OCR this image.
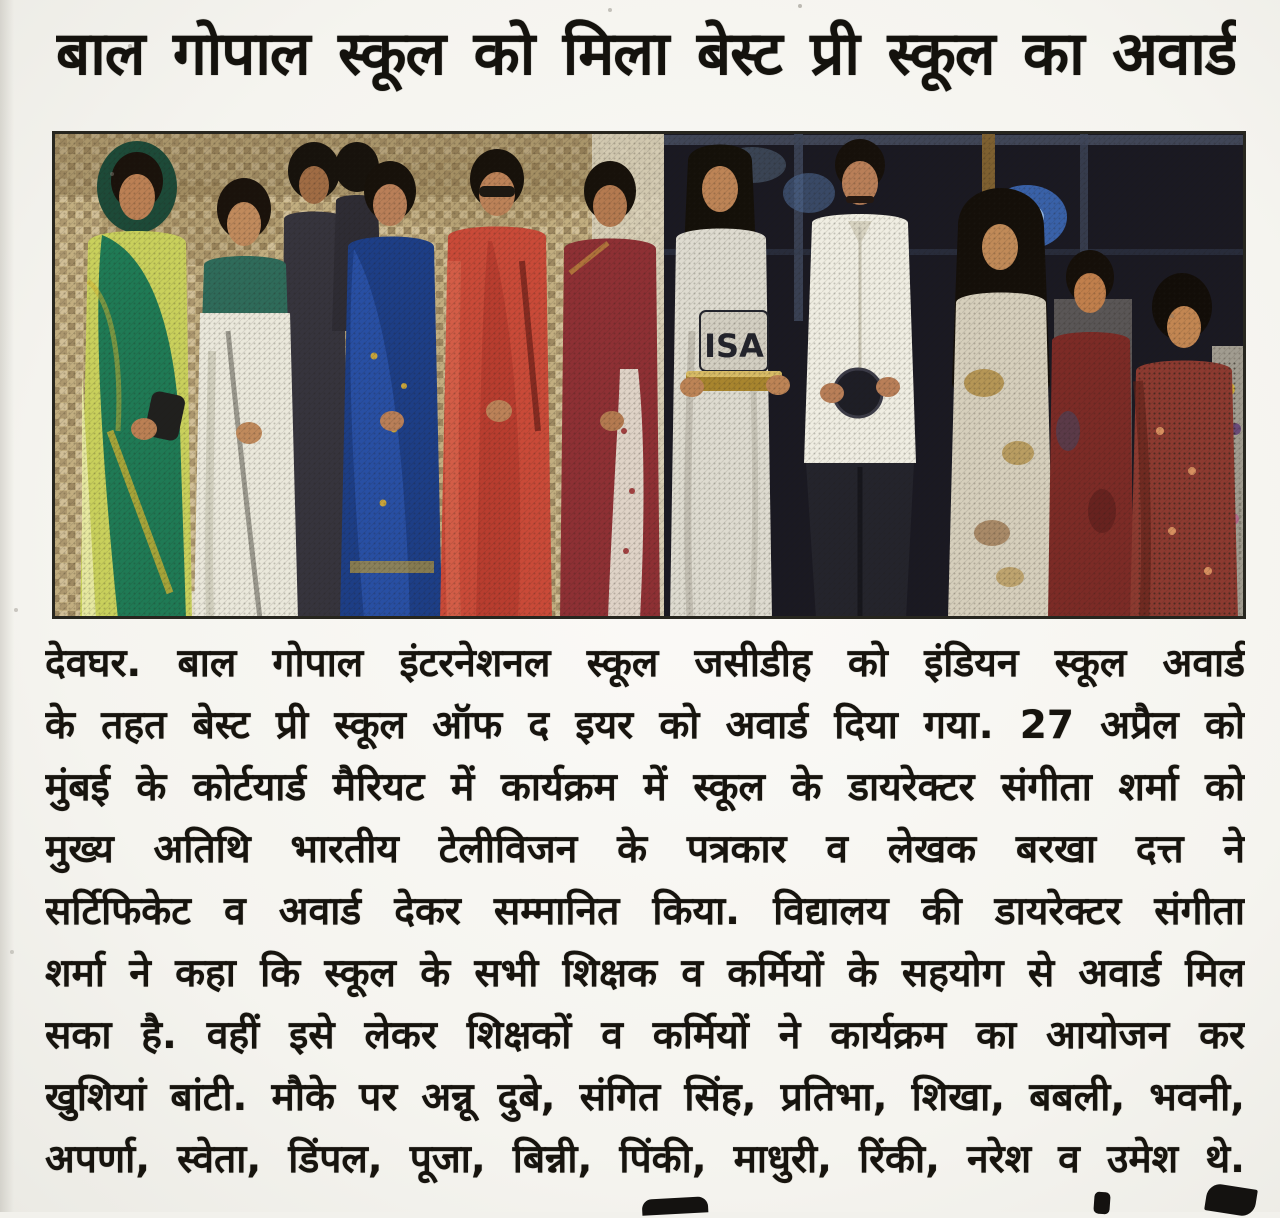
बाल गोपाल स्कूल को मिला बेस्ट प्री स्कूल का अवार्ड
ISA

देवघर. बाल गोपाल इंटरनेशनल स्कूल जसीडीह को इंडियन स्कूल अवार्ड

के तहत बेस्ट प्री स्कूल ऑफ द इयर को अवार्ड दिया गया. 27 अप्रैल को

मुंबई के कोर्टयार्ड मैरियट में कार्यक्रम में स्कूल के डायरेक्टर संगीता शर्मा को

मुख्य अतिथि भारतीय टेलीविजन के पत्रकार व लेखक बरखा दत्त ने

सर्टिफिकेट व अवार्ड देकर सम्मानित किया. विद्यालय की डायरेक्टर संगीता

शर्मा ने कहा कि स्कूल के सभी शिक्षक व कर्मियों के सहयोग से अवार्ड मिल

सका है. वहीं इसे लेकर शिक्षकों व कर्मियों ने कार्यक्रम का आयोजन कर

खुशियां बांटी. मौके पर अन्नू दुबे, संगित सिंह, प्रतिभा, शिखा, बबली, भवनी,

अपर्णा, स्वेता, डिंपल, पूजा, बिन्नी, पिंकी, माधुरी, रिंकी, नरेश व उमेश थे.
